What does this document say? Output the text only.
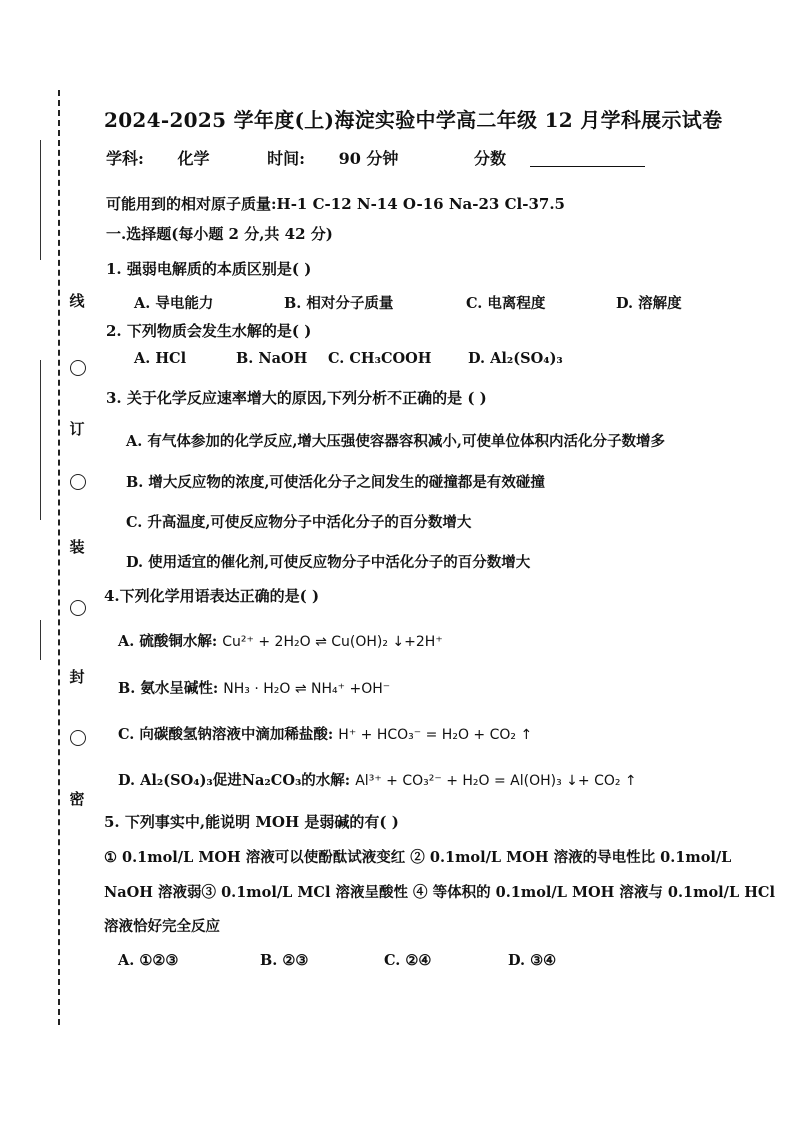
线
订
装
封
密
2024-2025 学年度(上)海淀实验中学高二年级 12 月学科展示试卷
学科: 化学	时间: 90 分钟	分数
可能用到的相对原子质量:H-1 C-12 N-14 O-16 Na-23 Cl-37.5
一.选择题(每小题 2 分,共 42 分)
1. 强弱电解质的本质区别是( )
A. 导电能力	B. 相对分子质量	C. 电离程度	D. 溶解度
2. 下列物质会发生水解的是( )
A. HCl	B. NaOH C. CH₃COOH	D. Al₂(SO₄)₃
3. 关于化学反应速率增大的原因,下列分析不正确的是 ( )
A. 有气体参加的化学反应,增大压强使容器容积减小,可使单位体积内活化分子数增多
B. 增大反应物的浓度,可使活化分子之间发生的碰撞都是有效碰撞
C. 升高温度,可使反应物分子中活化分子的百分数增大
D. 使用适宜的催化剂,可使反应物分子中活化分子的百分数增大
4.下列化学用语表达正确的是( )
A. 硫酸铜水解: Cu²⁺ + 2H₂O ⇌ Cu(OH)₂ ↓+2H⁺
B. 氨水呈碱性: NH₃ · H₂O ⇌ NH₄⁺ +OH⁻
C. 向碳酸氢钠溶液中滴加稀盐酸: H⁺ + HCO₃⁻ = H₂O + CO₂ ↑
D. Al₂(SO₄)₃促进Na₂CO₃的水解: Al³⁺ + CO₃²⁻ + H₂O = Al(OH)₃ ↓+ CO₂ ↑
5. 下列事实中,能说明 MOH 是弱碱的有( )
① 0.1mol/L MOH 溶液可以使酚酞试液变红 ② 0.1mol/L MOH 溶液的导电性比 0.1mol/L
NaOH 溶液弱③ 0.1mol/L MCl 溶液呈酸性 ④ 等体积的 0.1mol/L MOH 溶液与 0.1mol/L HCl
溶液恰好完全反应
A. ①②③	B. ②③	C. ②④	D. ③④
